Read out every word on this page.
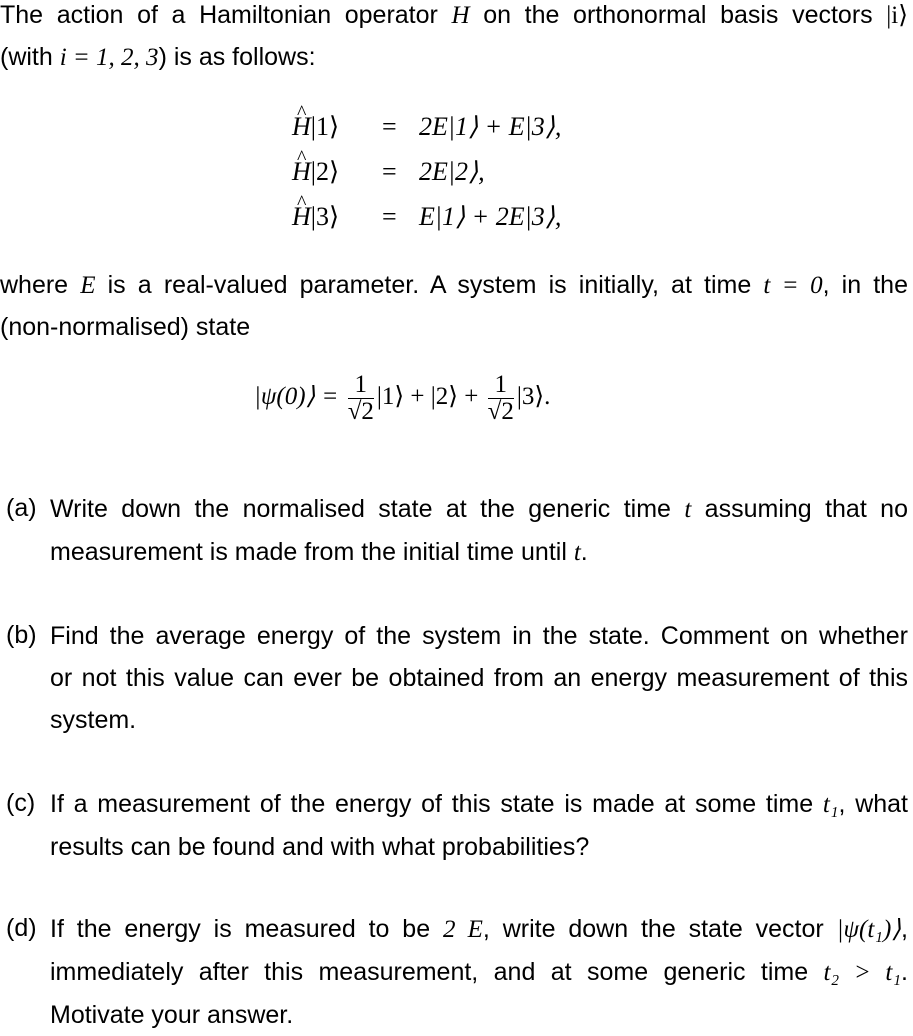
The action of a Hamiltonian operator H on the orthonormal basis vectors |i⟩
(with i = 1, 2, 3) is as follows:
^ H|1⟩ = 2E|1⟩ + E|3⟩,
^ H|2⟩ = 2E|2⟩,
^ H|3⟩ = E|1⟩ + 2E|3⟩,
where E is a real-valued parameter. A system is initially, at time t = 0, in the
(non-normalised) state
|ψ(0)⟩ = $\frac{1}{√2}$ |1⟩ + |2⟩ + $\frac{1}{√2}$ |3⟩.
(a) Write down the normalised state at the generic time t assuming that no
measurement is made from the initial time until t.
(b) Find the average energy of the system in the state. Comment on whether
or not this value can ever be obtained from an energy measurement of this
system.
(c) If a measurement of the energy of this state is made at some time t₁, what
results can be found and with what probabilities?
(d) If the energy is measured to be 2 E, write down the state vector |ψ(t₁)⟩,
immediately after this measurement, and at some generic time t₂ > t₁.
Motivate your answer.
